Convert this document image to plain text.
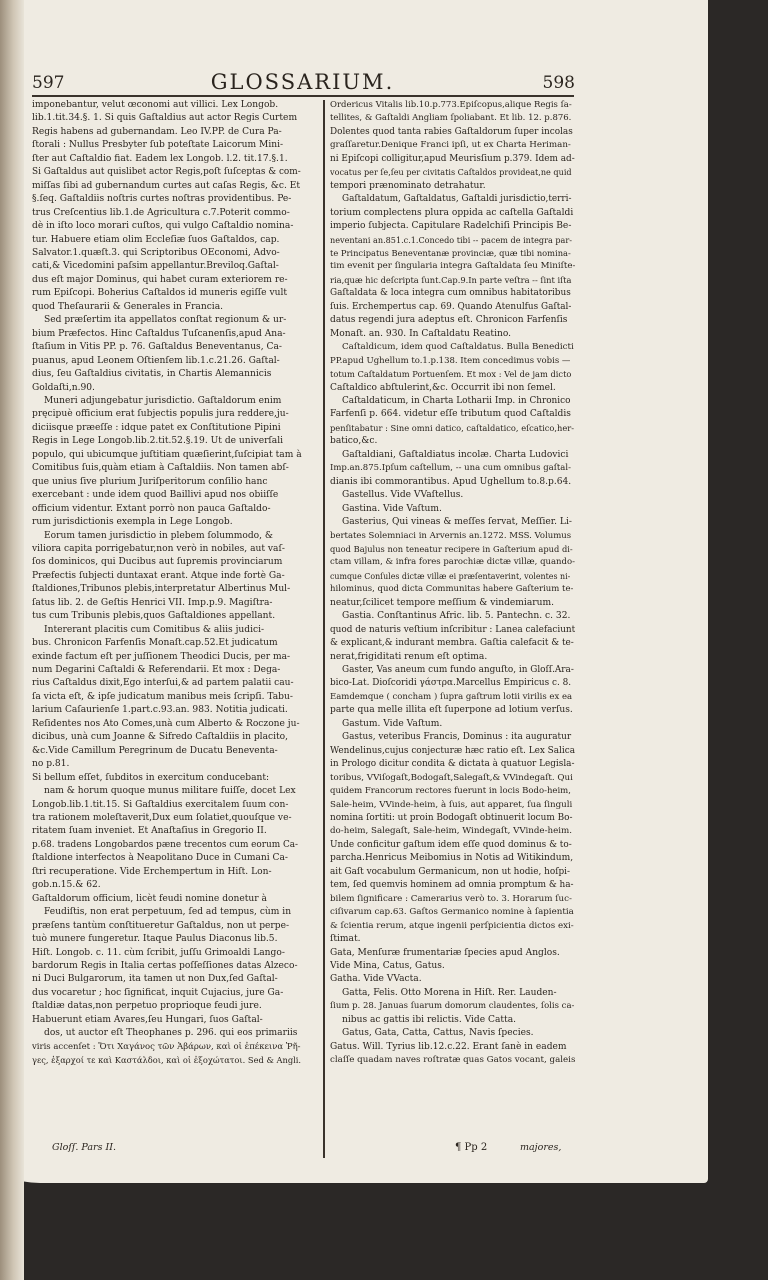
597	GLOSSARIUM.	598
imponebantur, velut œconomi aut villici. Lex Longob.
lib.1.tit.34.§. 1. Si quis Gaſtaldius aut actor Regis Curtem
Regis habens ad gubernandam. Leo IV.PP. de Cura Pa-
ſtorali : Nullus Presbyter ſub poteſtate Laicorum Mini-
ſter aut Caſtaldio fiat. Eadem lex Longob. l.2. tit.17.§.1.
Si Gaſtaldus aut quislibet actor Regis,poſt ſuſceptas & com-
miſſas ſibi ad gubernandum curtes aut caſas Regis, &c. Et
§.ſeq. Gaſtaldiis noſtris curtes noſtras providentibus. Pe-
trus Creſcentius lib.1.de Agricultura c.7.Poterit commo-
dè in iſto loco morari cuſtos, qui vulgo Caſtaldio nomina-
tur. Habuere etiam olim Eccleſiæ ſuos Gaſtaldos, cap.
Salvator.1.quæſt.3. qui Scriptoribus OEconomi, Advo-
cati,& Vicedomini paſsim appellantur.Breviloq.Gaſtal-
dus eſt major Dominus, qui habet curam exteriorem re-
rum Epiſcopi. Boherius Caſtaldos id muneris egiſſe vult
quod Theſaurarii & Generales in Francia.
Sed præſertim ita appellatos conſtat regionum & ur-
bium Præfectos. Hinc Caſtaldus Tuſcanenſis,apud Ana-
ſtaſium in Vitis PP. p. 76. Gaſtaldus Beneventanus, Ca-
puanus, apud Leonem Oſtienſem lib.1.c.21.26. Gaſtal-
dius, ſeu Gaſtaldius civitatis, in Chartis Alemannicis
Goldaſti,n.90.
Muneri adjungebatur jurisdictio. Gaſtaldorum enim
pręcipuè officium erat ſubjectis populis jura reddere,ju-
diciisque præeſſe : idque patet ex Conſtitutione Pipini
Regis in Lege Longob.lib.2.tit.52.§.19. Ut de univerſali
populo, qui ubicumque juſtitiam quæſierint,ſuſcipiat tam à
Comitibus ſuis,quàm etiam à Caſtaldiis. Non tamen abſ-
que unius ſive plurium Juriſperitorum conſilio hanc
exercebant : unde idem quod Baillivi apud nos obiiſſe
officium videntur. Extant porrò non pauca Gaſtaldo-
rum jurisdictionis exempla in Lege Longob.
Eorum tamen jurisdictio in plebem ſolummodo, &
viliora capita porrigebatur,non verò in nobiles, aut vaſ-
ſos dominicos, qui Ducibus aut ſupremis provinciarum
Præfectis ſubjecti duntaxat erant. Atque inde fortè Ga-
ſtaldiones,Tribunos plebis,interpretatur Albertinus Mul-
ſatus lib. 2. de Geſtis Henrici VII. Imp.p.9. Magiſtra-
tus cum Tribunis plebis,quos Gaſtaldiones appellant.
Intererant placitis cum Comitibus & aliis judici-
bus. Chronicon Farfenſis Monaſt.cap.52.Et judicatum
exinde factum eſt per juſſionem Theodici Ducis, per ma-
num Degarini Caſtaldi & Referendarii. Et mox : Dega-
rius Caſtaldus dixit,Ego interſui,& ad partem palatii cau-
ſa victa eſt, & ipſe judicatum manibus meis ſcripſi. Tabu-
larium Caſaurienſe 1.part.c.93.an. 983. Notitia judicati.
Reſidentes nos Ato Comes,unà cum Alberto & Roczone ju-
dicibus, unà cum Joanne & Sifredo Caſtaldiis in placito,
&c.Vide Camillum Peregrinum de Ducatu Beneventa-
no p.81.
Si bellum eſſet, ſubditos in exercitum conducebant:
nam & horum quoque munus militare fuiſſe, docet Lex
Longob.lib.1.tit.15. Si Gaſtaldius exercitalem ſuum con-
tra rationem moleſtaverit,Dux eum ſolatiet,quouſque ve-
ritatem ſuam inveniet. Et Anaſtaſius in Gregorio II.
p.68. tradens Longobardos pæne trecentos cum eorum Ca-
ſtaldione interfectos à Neapolitano Duce in Cumani Ca-
ſtri recuperatione. Vide Erchempertum in Hiſt. Lon-
gob.n.15.& 62.
Gaſtaldorum officium, licèt feudi nomine donetur à
Feudiſtis, non erat perpetuum, ſed ad tempus, cùm in
præſens tantùm conſtitueretur Gaſtaldus, non ut perpe-
tuò munere fungeretur. Itaque Paulus Diaconus lib.5.
Hiſt. Longob. c. 11. cùm ſcribit, juſſu Grimoaldi Lango-
bardorum Regis in Italia certas poſſeſſiones datas Alzeco-
ni Duci Bulgarorum, ita tamen ut non Dux,ſed Gaſtal-
dus vocaretur ; hoc ſignificat, inquit Cujacius, jure Ga-
ſtaldiæ datas,non perpetuo proprioque feudi jure.
Habuerunt etiam Avares,ſeu Hungari, ſuos Gaſtal-
dos, ut auctor eſt Theophanes p. 296. qui eos primariis
viris accenſet : Ὅτι Χαγάνος τῶν Ἀβάρων, καὶ οἱ ἐπέκεινα Ῥῆ-
γες, ἐξαρχοί τε καὶ Καστάλδοι, καὶ οἱ ἐξοχώτατοι. Sed & Angli.
Ordericus Vitalis lib.10.p.773.Epiſcopus,alique Regis ſa-
tellites, & Gaſtaldi Angliam ſpoliabant. Et lib. 12. p.876.
Dolentes quod tanta rabies Gaſtaldorum ſuper incolas
graſſaretur.Denique Franci ipſi, ut ex Charta Heriman-
ni Epiſcopi colligitur,apud Meurisſium p.379. Idem ad-
vocatus per ſe,ſeu per civitatis Caſtaldos provideat,ne quid
tempori prænominato detrahatur.
Gaſtaldatum, Gaſtaldatus, Gaſtaldi jurisdictio,terri-
torium complectens plura oppida ac caſtella Gaſtaldi
imperio ſubjecta. Capitulare Radelchiſi Principis Be-
neventani an.851.c.1.Concedo tibi -- pacem de integra par-
te Principatus Beneventanæ provinciæ, quæ tibi nomina-
tim evenit per ſingularia integra Gaſtaldata ſeu Miniſte-
ria,quæ hic deſcripta ſunt.Cap.9.In parte veſtra -- ſint iſta
Gaſtaldata & loca integra cum omnibus habitatoribus
ſuis. Erchempertus cap. 69. Quando Atenulfus Gaſtal-
datus regendi jura adeptus eſt. Chronicon Farfenſis
Monaſt. an. 930. In Caſtaldatu Reatino.
Caſtaldicum, idem quod Caſtaldatus. Bulla Benedicti
PP.apud Ughellum to.1.p.138. Item concedimus vobis —
totum Caſtaldatum Portuenſem. Et mox : Vel de jam dicto
Caſtaldico abſtulerint,&c. Occurrit ibi non ſemel.
Caſtaldaticum, in Charta Lotharii Imp. in Chronico
Farfenſi p. 664. videtur eſſe tributum quod Caſtaldis
penſitabatur : Sine omni datico, caſtaldatico, eſcatico,her-
batico,&c.
Gaſtaldiani, Gaſtaldiatus incolæ. Charta Ludovici
Imp.an.875.Ipſum caſtellum, -- una cum omnibus gaſtal-
dianis ibi commorantibus. Apud Ughellum to.8.p.64.
Gastellus. Vide VVaſtellus.
Gastina. Vide Vaſtum.
Gasterius, Qui vineas & meſſes ſervat, Meſſier. Li-
bertates Solemniaci in Arvernis an.1272. MSS. Volumus
quod Bajulus non teneatur recipere in Gaſterium apud di-
ctam villam, & infra fores parochiæ dictæ villæ, quando-
cumque Conſules dictæ villæ ei præſentaverint, volentes ni-
hilominus, quod dicta Communitas habere Gaſterium te-
neatur,ſcilicet tempore meſſium & vindemiarum.
Gastia. Conſtantinus Afric. lib. 5. Pantechn. c. 32.
quod de naturis veſtium inſcribitur : Lanea calefaciunt
& explicant,& indurant membra. Gaſtia calefacit & te-
nerat,frigiditati renum eſt optima.
Gaster, Vas aneum cum fundo anguſto, in Gloſſ.Ara-
bico-Lat. Dioſcoridi γάστρα.Marcellus Empiricus c. 8.
Eamdemque ( concham ) ſupra gaſtrum lotii virilis ex ea
parte qua melle illita eſt ſuperpone ad lotium verſus.
Gastum. Vide Vaſtum.
Gastus, veteribus Francis, Dominus : ita auguratur
Wendelinus,cujus conjecturæ hæc ratio eſt. Lex Salica
in Prologo dicitur condita & dictata à quatuor Legisla-
toribus, VViſogaſt,Bodogaſt,Salegaſt,& VVindegaſt. Qui
quidem Francorum rectores fuerunt in locis Bodo-heim,
Sale-heim, VVinde-heim, à ſuis, aut apparet, ſua ſinguli
nomina ſortiti: ut proin Bodogaſt obtinuerit locum Bo-
do-heim, Salegaſt, Sale-heim, Windegaſt, VVinde-heim.
Unde conficitur gaſtum idem eſſe quod dominus & to-
parcha.Henricus Meibomius in Notis ad Witikindum,
ait Gaſt vocabulum Germanicum, non ut hodie, hoſpi-
tem, ſed quemvis hominem ad omnia promptum & ha-
bilem ſignificare : Camerarius verò to. 3. Horarum ſuc-
ciſivarum cap.63. Gaſtos Germanico nomine à ſapientia
& ſcientia rerum, atque ingenii perſpicientia dictos exi-
ſtimat.
Gata, Menſuræ frumentariæ ſpecies apud Anglos.
Vide Mina, Catus, Gatus.
Gatha. Vide VVacta.
Gatta, Felis. Otto Morena in Hiſt. Rer. Lauden-
ſium p. 28. Januas ſuarum domorum claudentes, ſolis ca-
nibus ac gattis ibi relictis. Vide Catta.
Gatus, Gata, Catta, Cattus, Navis ſpecies.
Gatus. Will. Tyrius lib.12.c.22. Erant ſanè in eadem
claſſe quadam naves roſtratæ quas Gatos vocant, galeis
Gloſſ. Pars II.	¶ Pp 2	majores,
